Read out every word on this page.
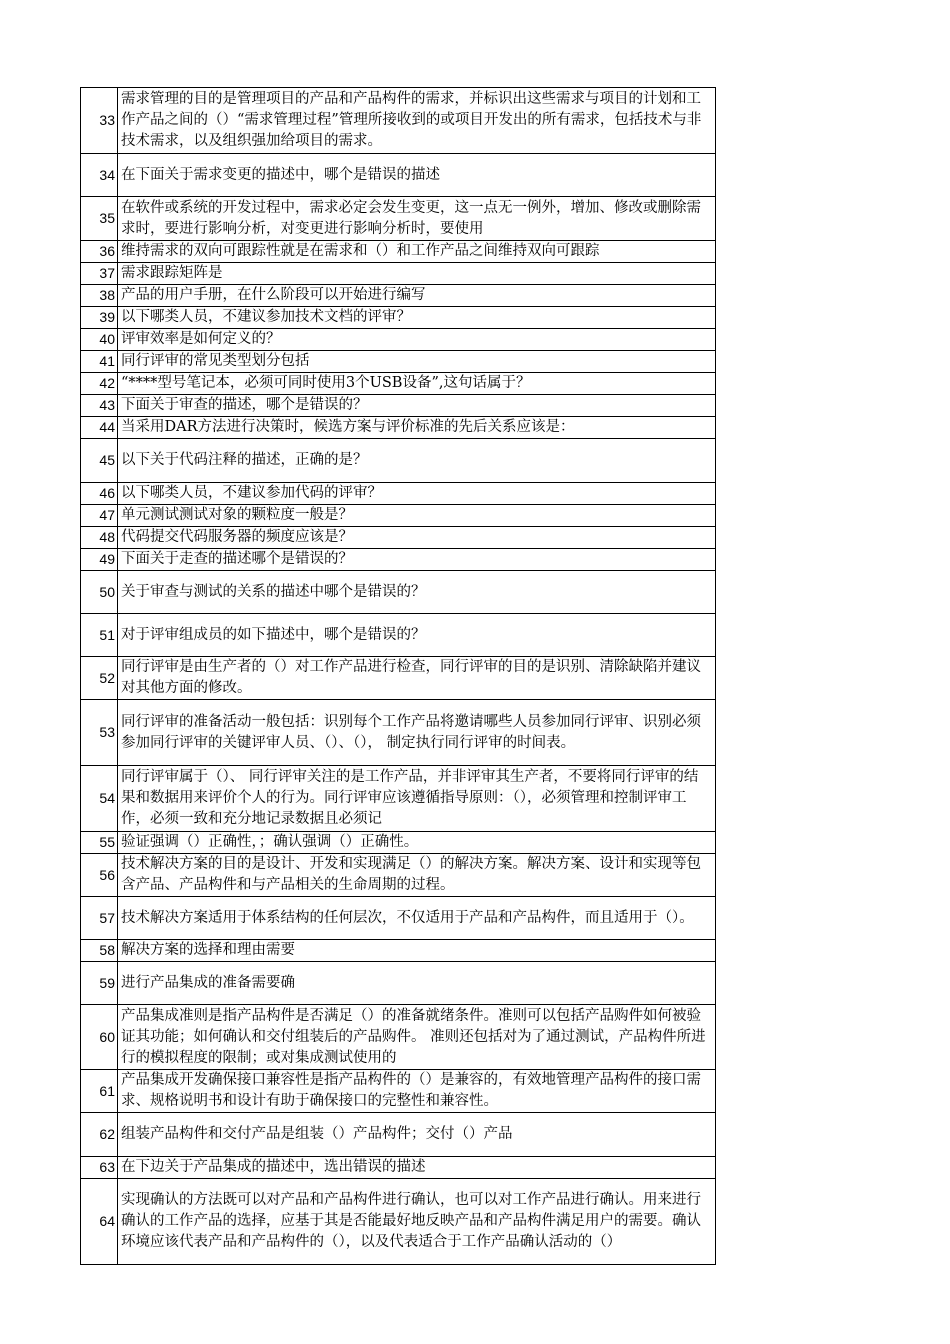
33	需求管理的目的是管理项目的产品和产品构件的需求，并标识出这些需求与项目的计划和工作产品之间的（）“需求管理过程”管理所接收到的或项目开发出的所有需求，包括技术与非技术需求，以及组织强加给项目的需求。

34	在下面关于需求变更的描述中，哪个是错误的描述

35	在软件或系统的开发过程中，需求必定会发生变更，这一点无一例外，增加、修改或删除需求时，要进行影响分析，对变更进行影响分析时，要使用

36	维持需求的双向可跟踪性就是在需求和（）和工作产品之间维持双向可跟踪

37	需求跟踪矩阵是

38	产品的用户手册，在什么阶段可以开始进行编写

39	以下哪类人员，不建议参加技术文档的评审？

40	评审效率是如何定义的？

41	同行评审的常见类型划分包括

42	“****型号笔记本，必须可同时使用3个USB设备”,这句话属于？

43	下面关于审查的描述，哪个是错误的？

44	当采用DAR方法进行决策时，候选方案与评价标准的先后关系应该是：

45	以下关于代码注释的描述，正确的是？

46	以下哪类人员，不建议参加代码的评审？

47	单元测试测试对象的颗粒度一般是？

48	代码提交代码服务器的频度应该是？

49	下面关于走查的描述哪个是错误的？

50	关于审查与测试的关系的描述中哪个是错误的？

51	对于评审组成员的如下描述中，哪个是错误的？

52	同行评审是由生产者的（）对工作产品进行检查，同行评审的目的是识别、清除缺陷并建议对其他方面的修改。

53	同行评审的准备活动一般包括：识别每个工作产品将邀请哪些人员参加同行评审、识别必须参加同行评审的关键评审人员、（）、（）， 制定执行同行评审的时间表。

54	同行评审属于（）、 同行评审关注的是工作产品，并非评审其生产者，不要将同行评审的结果和数据用来评价个人的行为。同行评审应该遵循指导原则：（），必须管理和控制评审工作，必须一致和充分地记录数据且必须记

55	验证强调（）正确性，；确认强调（）正确性。

56	技术解决方案的目的是设计、开发和实现满足（）的解决方案。解决方案、设计和实现等包含产品、产品构件和与产品相关的生命周期的过程。

57	技术解决方案适用于体系结构的任何层次，不仅适用于产品和产品构件，而且适用于（）。

58	解决方案的选择和理由需要

59	进行产品集成的准备需要确

60	产品集成准则是指产品构件是否满足（）的准备就绪条件。准则可以包括产品购件如何被验证其功能；如何确认和交付组装后的产品购件。 准则还包括对为了通过测试，产品构件所进行的模拟程度的限制；或对集成测试使用的

61	产品集成开发确保接口兼容性是指产品构件的（）是兼容的，有效地管理产品构件的接口需求、规格说明书和设计有助于确保接口的完整性和兼容性。

62	组装产品构件和交付产品是组装（）产品构件；交付（）产品

63	在下边关于产品集成的描述中，选出错误的描述

64	实现确认的方法既可以对产品和产品构件进行确认，也可以对工作产品进行确认。用来进行确认的工作产品的选择，应基于其是否能最好地反映产品和产品构件满足用户的需要。确认环境应该代表产品和产品构件的（），以及代表适合于工作产品确认活动的（）
